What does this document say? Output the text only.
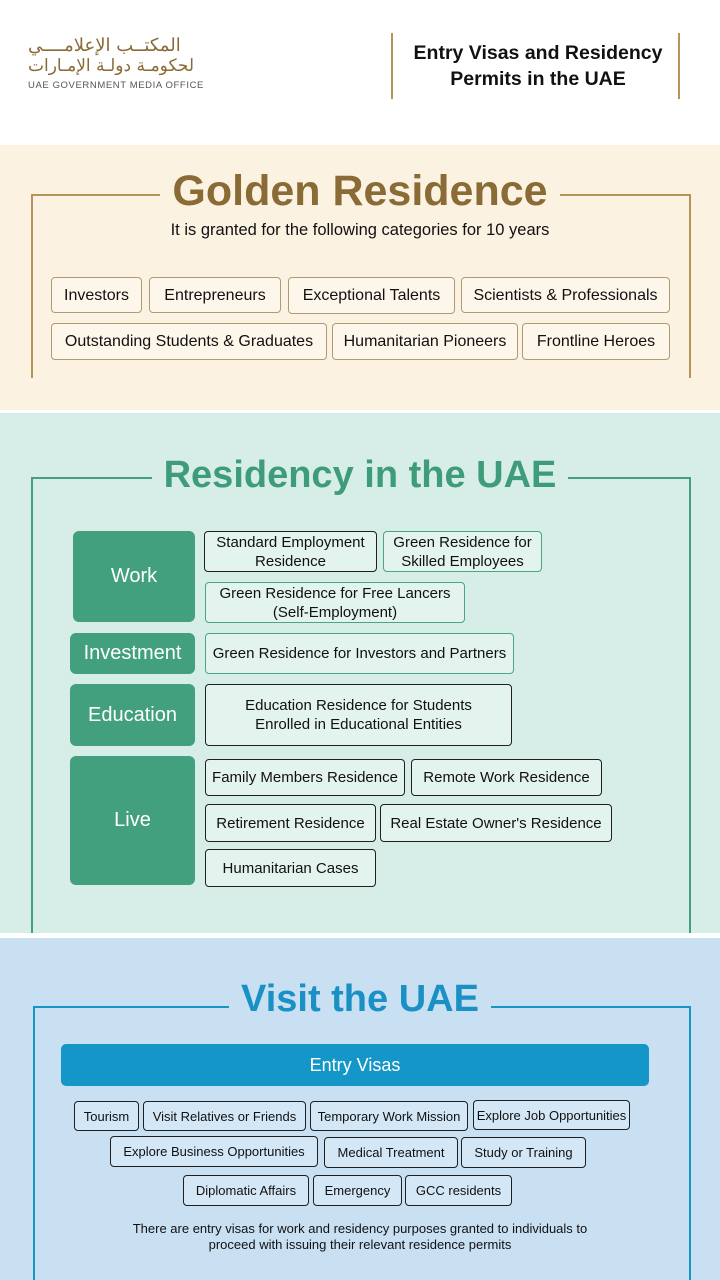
المكتــب الإعلامــــي
لحكومـة دولـة الإمـارات
UAE GOVERNMENT MEDIA OFFICE
Entry Visas and Residency
Permits in the UAE
Golden Residence
It is granted for the following categories for 10 years
Investors	Entrepreneurs	Exceptional Talents	Scientists & Professionals
Outstanding Students & Graduates	Humanitarian Pioneers	Frontline Heroes
Residency in the UAE
Work
Standard Employment Residence
Green Residence for Skilled Employees
Green Residence for Free Lancers (Self-Employment)
Investment	Green Residence for Investors and Partners
Education	Education Residence for Students Enrolled in Educational Entities
Live
Family Members Residence	Remote Work Residence
Retirement Residence	Real Estate Owner's Residence
Humanitarian Cases
Visit the UAE
Entry Visas
Tourism	Visit Relatives or Friends	Temporary Work Mission	Explore Job Opportunities
Explore Business Opportunities	Medical Treatment	Study or Training
Diplomatic Affairs	Emergency	GCC residents
There are entry visas for work and residency purposes granted to individuals to
proceed with issuing their relevant residence permits
